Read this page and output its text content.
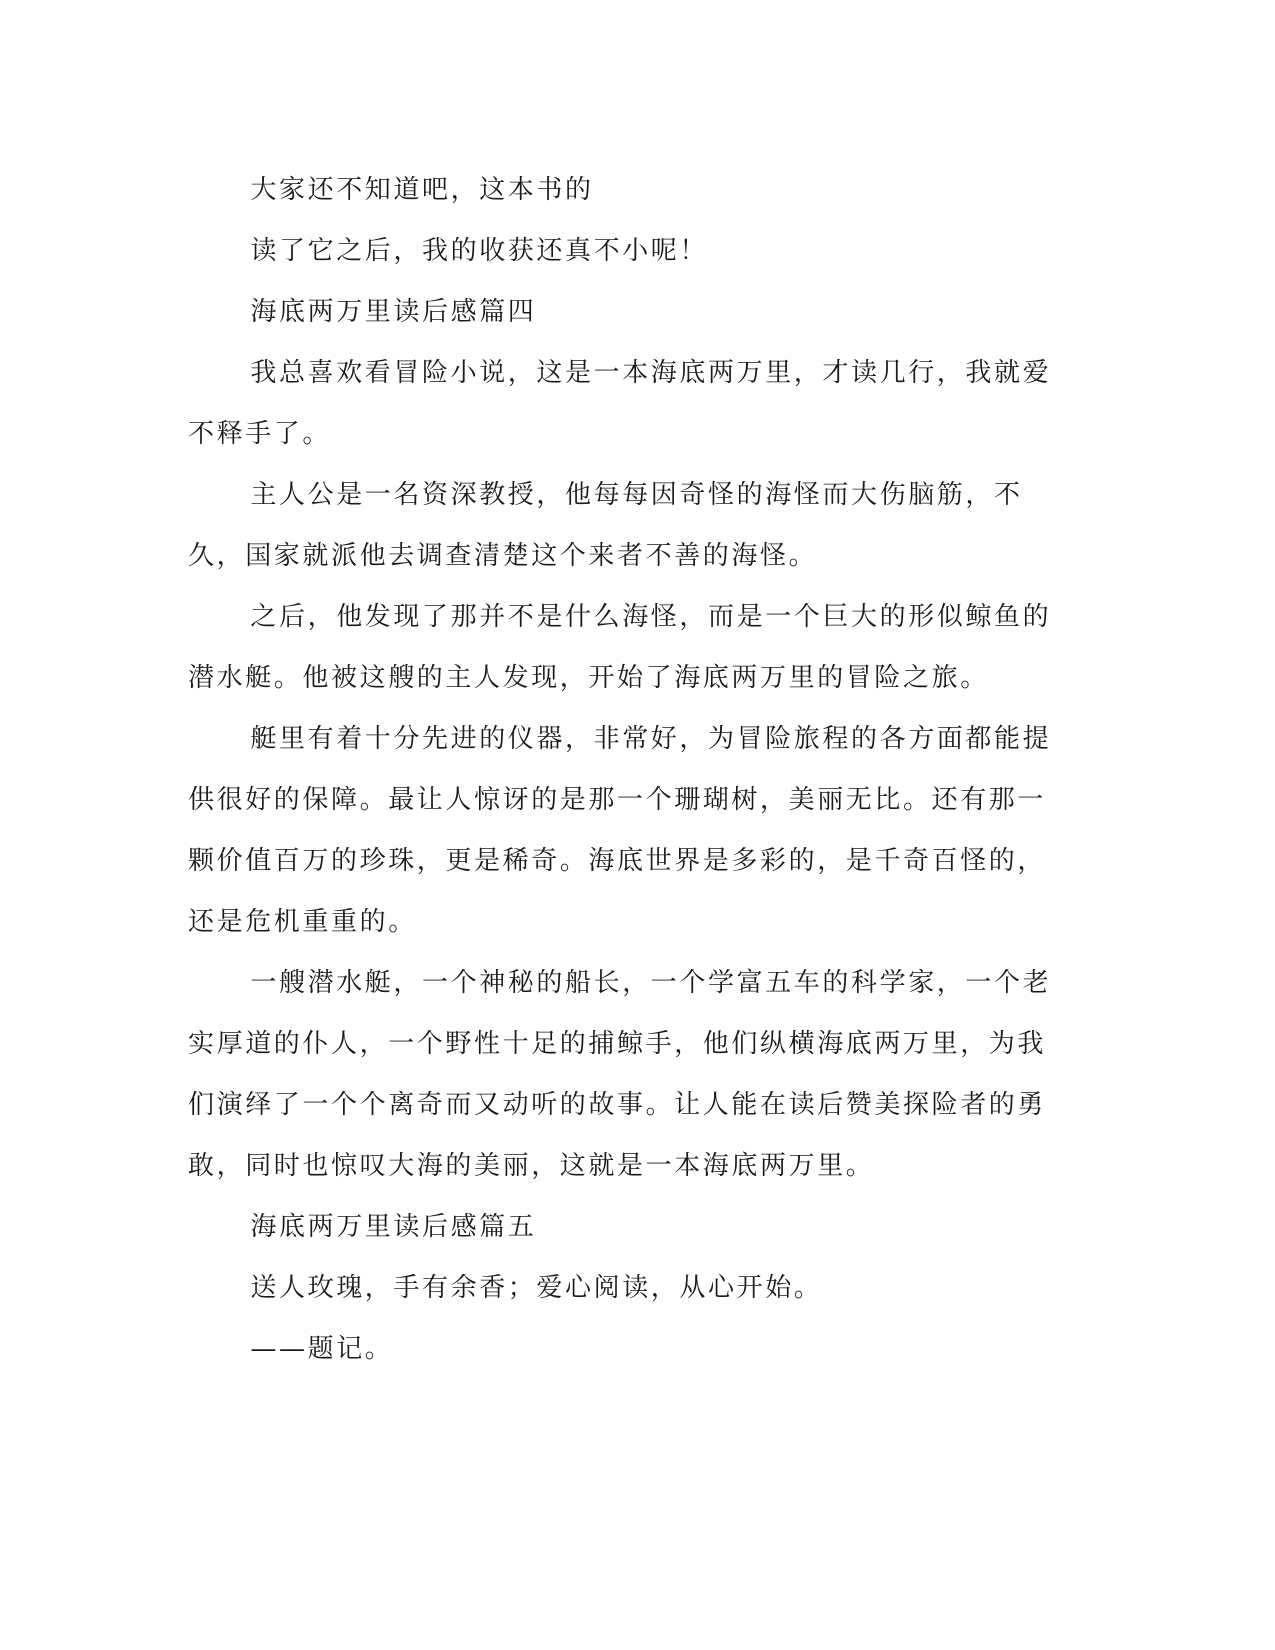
大家还不知道吧，这本书的

读了它之后，我的收获还真不小呢！

海底两万里读后感篇四

我总喜欢看冒险小说，这是一本海底两万里，才读几行，我就爱不释手了。

主人公是一名资深教授，他每每因奇怪的海怪而大伤脑筋，不久，国家就派他去调查清楚这个来者不善的海怪。

之后，他发现了那并不是什么海怪，而是一个巨大的形似鲸鱼的潜水艇。他被这艘的主人发现，开始了海底两万里的冒险之旅。

艇里有着十分先进的仪器，非常好，为冒险旅程的各方面都能提供很好的保障。最让人惊讶的是那一个珊瑚树，美丽无比。还有那一颗价值百万的珍珠，更是稀奇。海底世界是多彩的，是千奇百怪的，还是危机重重的。

一艘潜水艇，一个神秘的船长，一个学富五车的科学家，一个老实厚道的仆人，一个野性十足的捕鲸手，他们纵横海底两万里，为我们演绎了一个个离奇而又动听的故事。让人能在读后赞美探险者的勇敢，同时也惊叹大海的美丽，这就是一本海底两万里。

海底两万里读后感篇五

送人玫瑰，手有余香；爱心阅读，从心开始。

——题记。
